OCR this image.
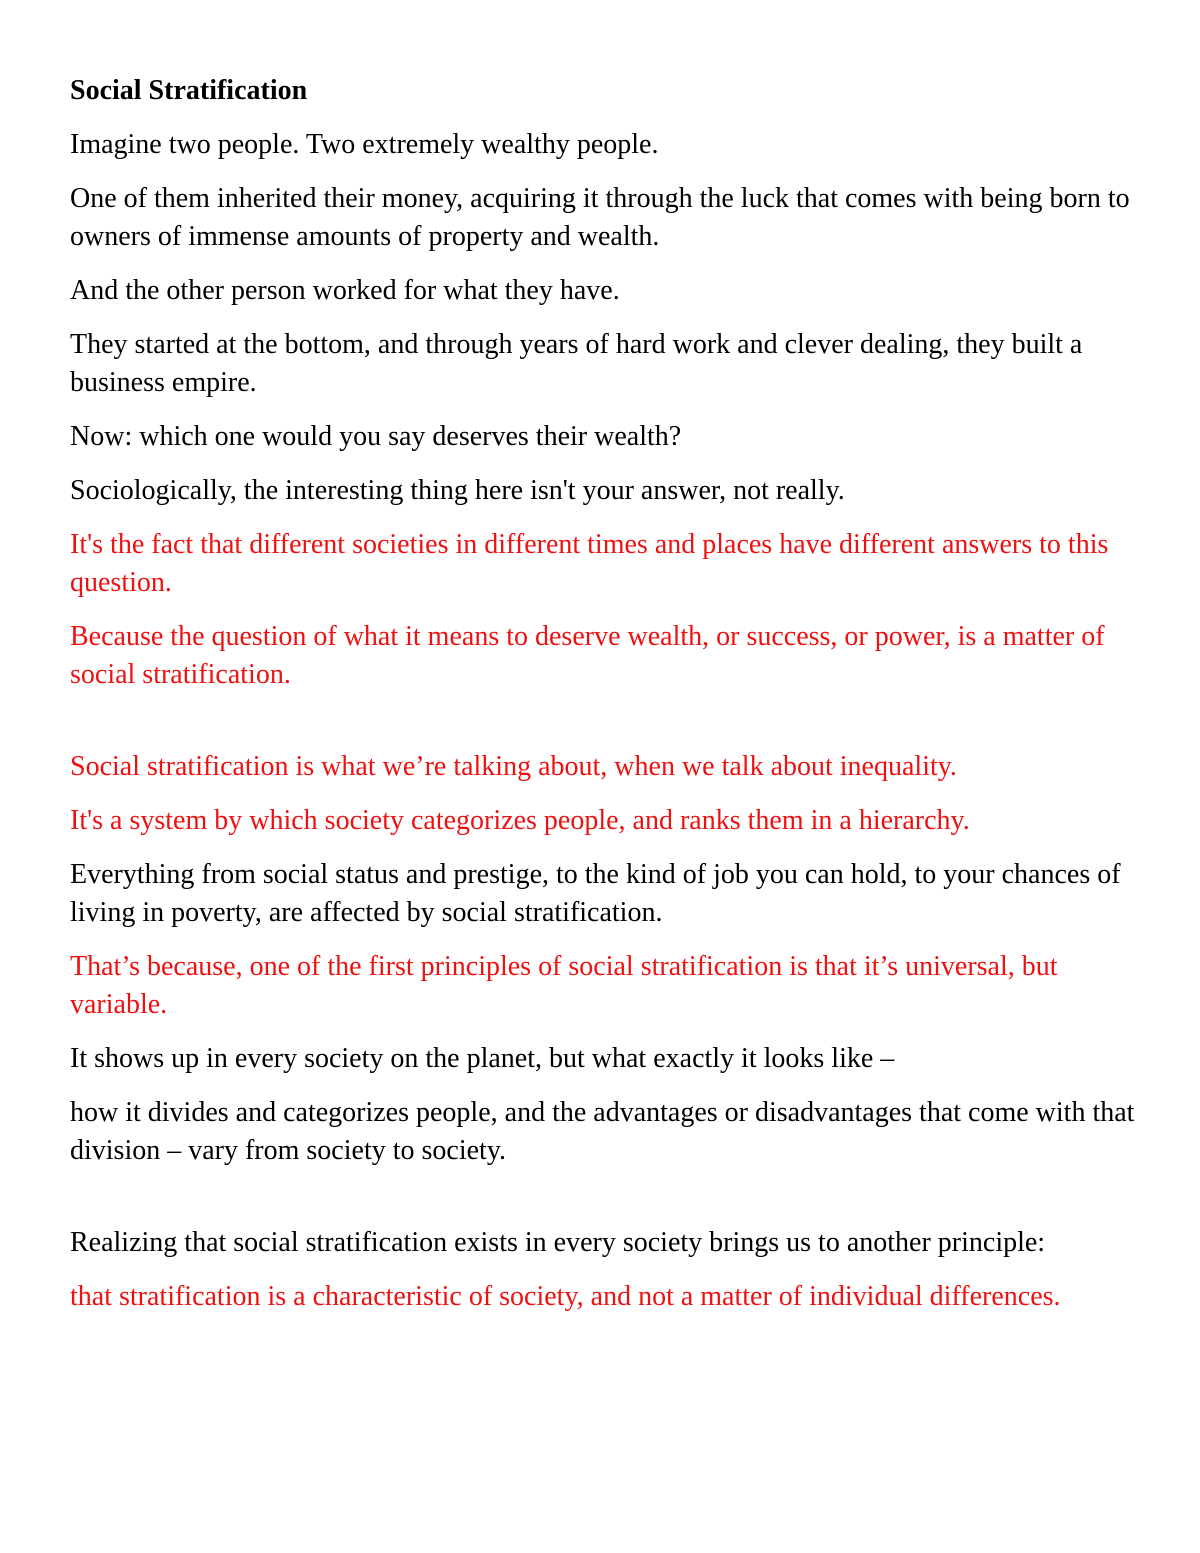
Social Stratification

Imagine two people. Two extremely wealthy people.

One of them inherited their money, acquiring it through the luck that comes with being born to owners of immense amounts of property and wealth.

And the other person worked for what they have.

They started at the bottom, and through years of hard work and clever dealing, they built a business empire.

Now: which one would you say deserves their wealth?

Sociologically, the interesting thing here isn't your answer, not really.

It's the fact that different societies in different times and places have different answers to this question.

Because the question of what it means to deserve wealth, or success, or power, is a matter of social stratification.

Social stratification is what we’re talking about, when we talk about inequality.

It's a system by which society categorizes people, and ranks them in a hierarchy.

Everything from social status and prestige, to the kind of job you can hold, to your chances of living in poverty, are affected by social stratification.

That’s because, one of the first principles of social stratification is that it’s universal, but variable.

It shows up in every society on the planet, but what exactly it looks like –

how it divides and categorizes people, and the advantages or disadvantages that come with that division – vary from society to society.

Realizing that social stratification exists in every society brings us to another principle:

that stratification is a characteristic of society, and not a matter of individual differences.
